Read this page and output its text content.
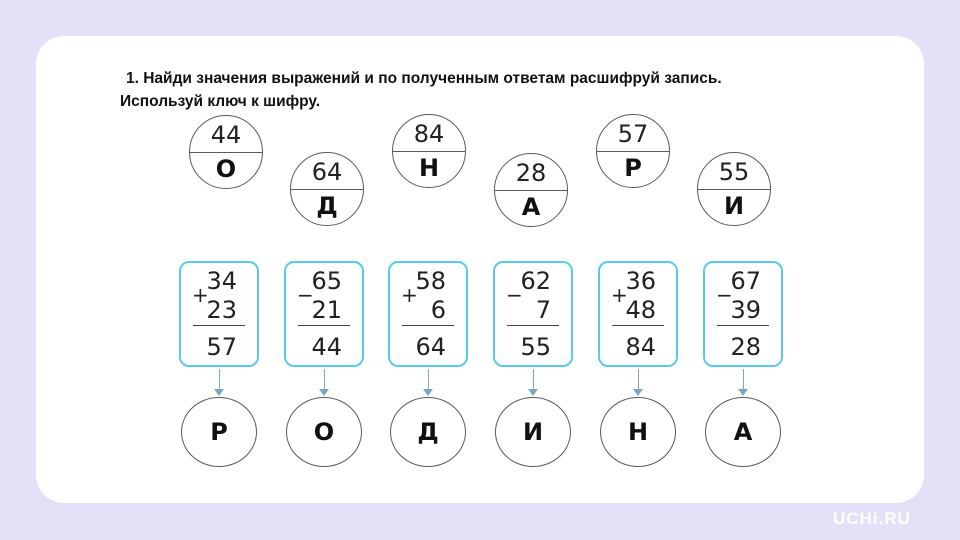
1. Найди значения выражений и по полученным ответам расшифруй запись.
Используй ключ к шифру.
44
О	64
Д
84
Н	28
А
57
Р	55
И
+
34
23
57
−
65
21
44
+
58
6
64
−
62
7
55
+
36
48
84
−
67
39
28
Р	О	Д	И	Н	А
UCHi.RU
